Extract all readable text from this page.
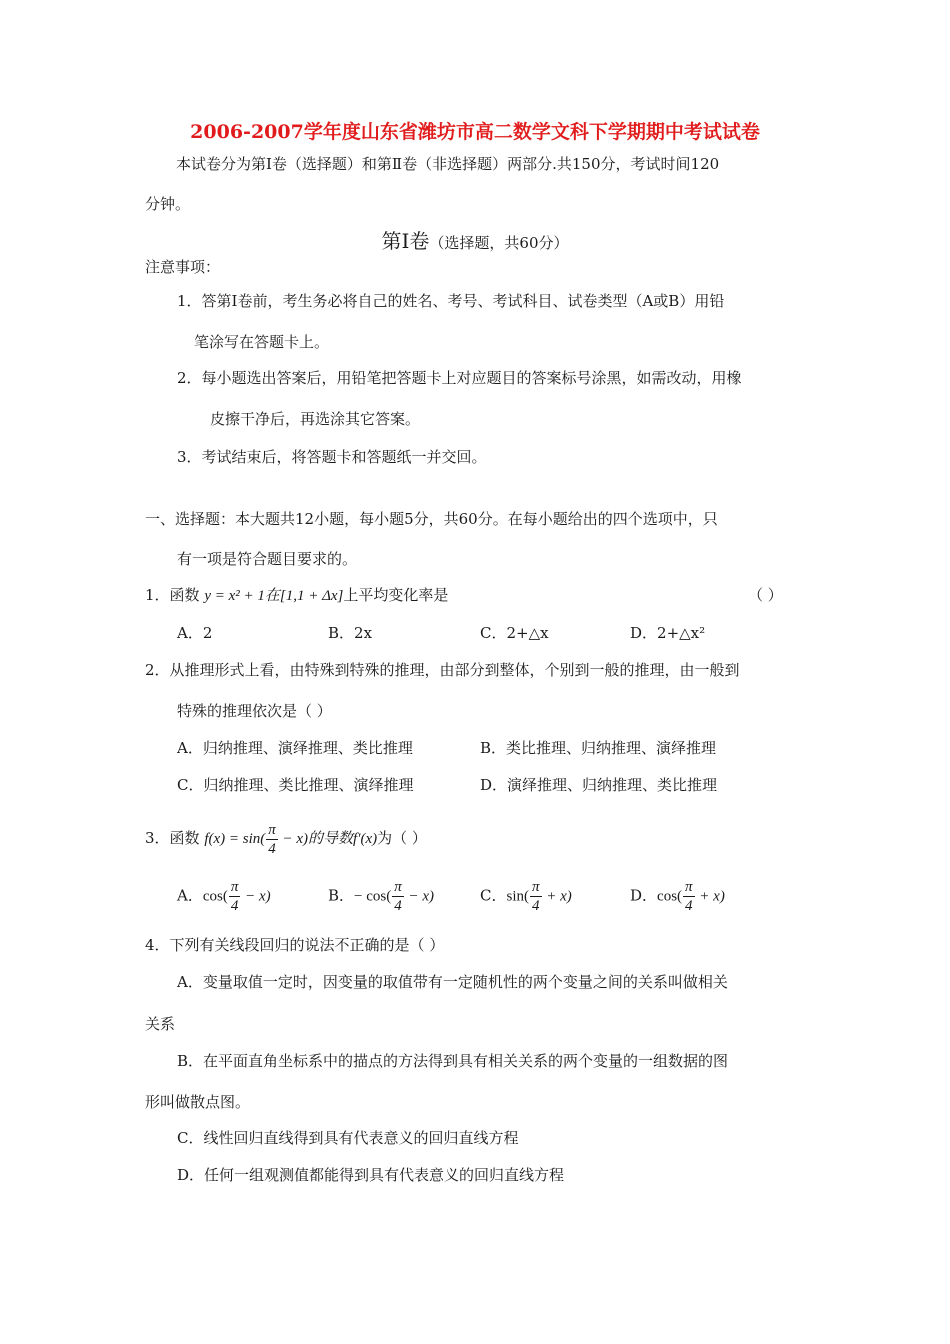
2006-2007学年度山东省潍坊市高二数学文科下学期期中考试试卷
本试卷分为第Ⅰ卷（选择题）和第Ⅱ卷（非选择题）两部分.共150分，考试时间120
分钟。
第Ⅰ卷（选择题，共60分）
注意事项：
1．答第Ⅰ卷前，考生务必将自己的姓名、考号、考试科目、试卷类型（A或B）用铅
笔涂写在答题卡上。
2．每小题选出答案后，用铅笔把答题卡上对应题目的答案标号涂黑，如需改动，用橡
皮擦干净后，再选涂其它答案。
3．考试结束后，将答题卡和答题纸一并交回。
一、选择题：本大题共12小题，每小题5分，共60分。在每小题给出的四个选项中，只
有一项是符合题目要求的。
1．函数 y = x² + 1在[1,1 + Δx]上平均变化率是	（ ）
A．2	B．2x	C．2+△x	D．2+△x²
2．从推理形式上看，由特殊到特殊的推理，由部分到整体，个别到一般的推理，由一般到
特殊的推理依次是（ ）
A．归纳推理、演绎推理、类比推理	B．类比推理、归纳推理、演绎推理
C．归纳推理、类比推理、演绎推理	D．演绎推理、归纳推理、类比推理
3．函数 $f(x) = \sin( \frac{\pi}{4} - x)$的导数f′(x)为（ ）
A．$\cos( \frac{\pi}{4} - x)$	B．− $\cos( \frac{\pi}{4} - x)$	C．$\sin( \frac{\pi}{4} + x)$	D．$\cos( \frac{\pi}{4} + x)$
4．下列有关线段回归的说法不正确的是（ ）
A．变量取值一定时，因变量的取值带有一定随机性的两个变量之间的关系叫做相关
关系
B．在平面直角坐标系中的描点的方法得到具有相关关系的两个变量的一组数据的图
形叫做散点图。
C．线性回归直线得到具有代表意义的回归直线方程
D．任何一组观测值都能得到具有代表意义的回归直线方程
